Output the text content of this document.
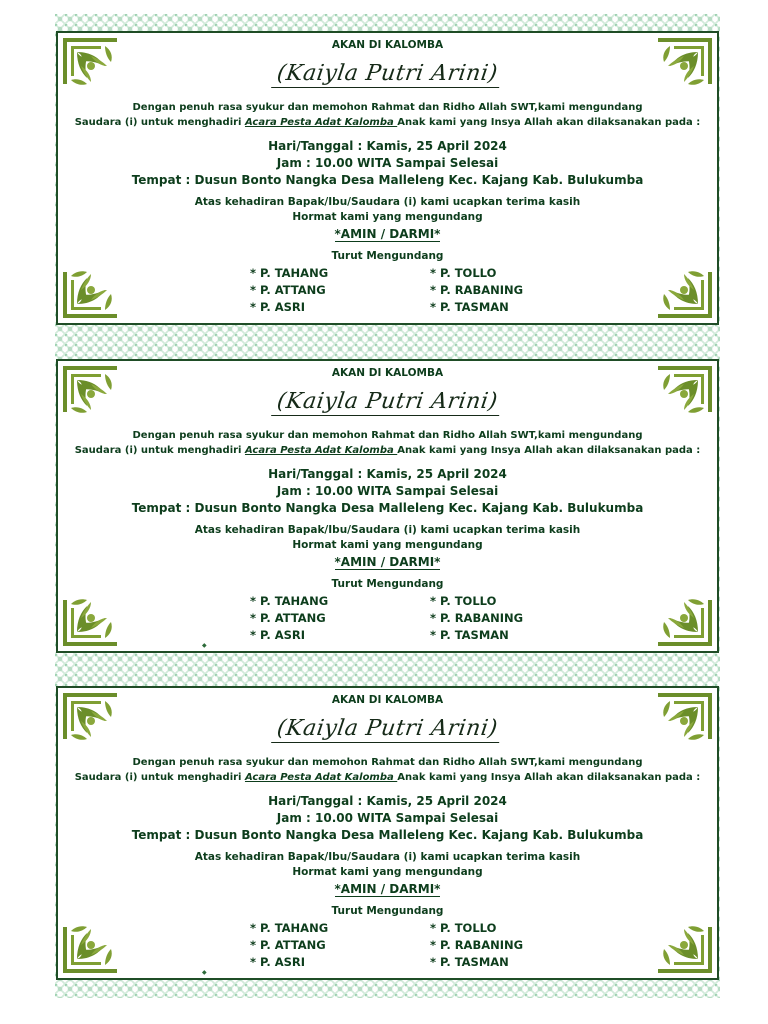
AKAN DI KALOMBA
(Kaiyla Putri Arini)
Dengan penuh rasa syukur dan memohon Rahmat dan Ridho Allah SWT,kami mengundang
Saudara (i) untuk menghadiri Acara Pesta Adat Kalomba Anak kami yang Insya Allah akan dilaksanakan pada :
Hari/Tanggal : Kamis, 25 April 2024
Jam : 10.00 WITA Sampai Selesai
Tempat : Dusun Bonto Nangka Desa Malleleng Kec. Kajang Kab. Bulukumba
Atas kehadiran Bapak/Ibu/Saudara (i) kami ucapkan terima kasih
Hormat kami yang mengundang
*AMIN / DARMI*
Turut Mengundang
* P. TAHANG
* P. ATTANG
* P. ASRI
* P. TOLLO
* P. RABANING
* P. TASMAN
AKAN DI KALOMBA
(Kaiyla Putri Arini)
Dengan penuh rasa syukur dan memohon Rahmat dan Ridho Allah SWT,kami mengundang
Saudara (i) untuk menghadiri Acara Pesta Adat Kalomba Anak kami yang Insya Allah akan dilaksanakan pada :
Hari/Tanggal : Kamis, 25 April 2024
Jam : 10.00 WITA Sampai Selesai
Tempat : Dusun Bonto Nangka Desa Malleleng Kec. Kajang Kab. Bulukumba
Atas kehadiran Bapak/Ibu/Saudara (i) kami ucapkan terima kasih
Hormat kami yang mengundang
*AMIN / DARMI*
Turut Mengundang
* P. TAHANG
* P. ATTANG
* P. ASRI
* P. TOLLO
* P. RABANING
* P. TASMAN
◆
AKAN DI KALOMBA
(Kaiyla Putri Arini)
Dengan penuh rasa syukur dan memohon Rahmat dan Ridho Allah SWT,kami mengundang
Saudara (i) untuk menghadiri Acara Pesta Adat Kalomba Anak kami yang Insya Allah akan dilaksanakan pada :
Hari/Tanggal : Kamis, 25 April 2024
Jam : 10.00 WITA Sampai Selesai
Tempat : Dusun Bonto Nangka Desa Malleleng Kec. Kajang Kab. Bulukumba
Atas kehadiran Bapak/Ibu/Saudara (i) kami ucapkan terima kasih
Hormat kami yang mengundang
*AMIN / DARMI*
Turut Mengundang
* P. TAHANG
* P. ATTANG
* P. ASRI
* P. TOLLO
* P. RABANING
* P. TASMAN
◆
